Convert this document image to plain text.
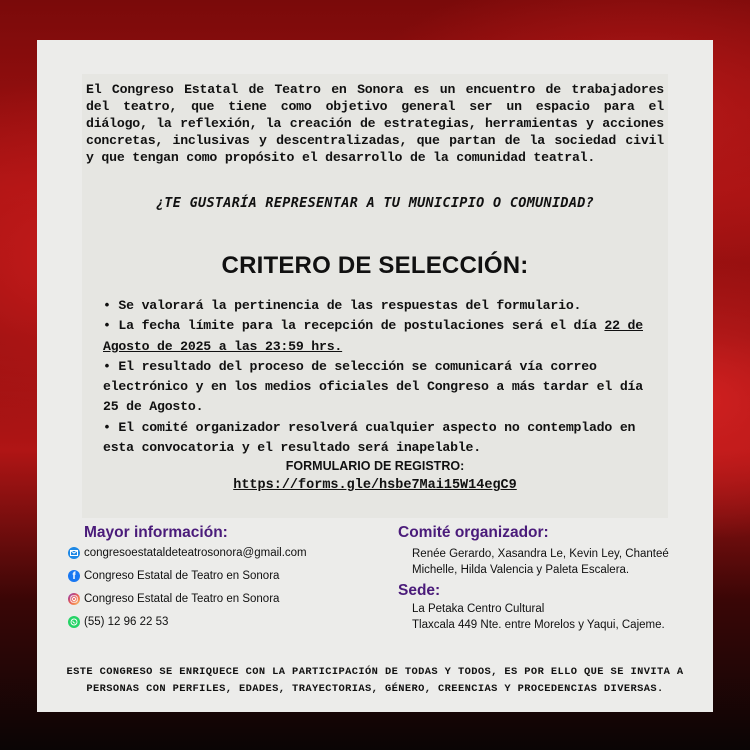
El Congreso Estatal de Teatro en Sonora es un encuentro de trabajadores del teatro, que tiene como objetivo general ser un espacio para el diálogo, la reflexión, la creación de estrategias, herramientas y acciones concretas, inclusivas y descentralizadas, que partan de la sociedad civil y que tengan como propósito el desarrollo de la comunidad teatral.
¿TE GUSTARÍA REPRESENTAR A TU MUNICIPIO O COMUNIDAD?
CRITERO DE SELECCIÓN:

• Se valorará la pertinencia de las respuestas del formulario.

• La fecha límite para la recepción de postulaciones será el día 22 de Agosto de 2025 a las 23:59 hrs.

• El resultado del proceso de selección se comunicará vía correo electrónico y en los medios oficiales del Congreso a más tardar el día 25 de Agosto.

• El comité organizador resolverá cualquier aspecto no contemplado en esta convocatoria y el resultado será inapelable.

FORMULARIO DE REGISTRO:
https://forms.gle/hsbe7Mai15W14egC9
Mayor información:
congresoestataldeteatrosonora@gmail.com
f Congreso Estatal de Teatro en Sonora
Congreso Estatal de Teatro en Sonora
(55) 12 96 22 53
Comité organizador:
Renée Gerardo, Xasandra Le, Kevin Ley, Chanteé
Michelle, Hilda Valencia y Paleta Escalera.
Sede:
La Petaka Centro Cultural
Tlaxcala 449 Nte. entre Morelos y Yaqui, Cajeme.
ESTE CONGRESO SE ENRIQUECE CON LA PARTICIPACIÓN DE TODAS Y TODOS, ES POR ELLO QUE SE INVITA A
PERSONAS CON PERFILES, EDADES, TRAYECTORIAS, GÉNERO, CREENCIAS Y PROCEDENCIAS DIVERSAS.
